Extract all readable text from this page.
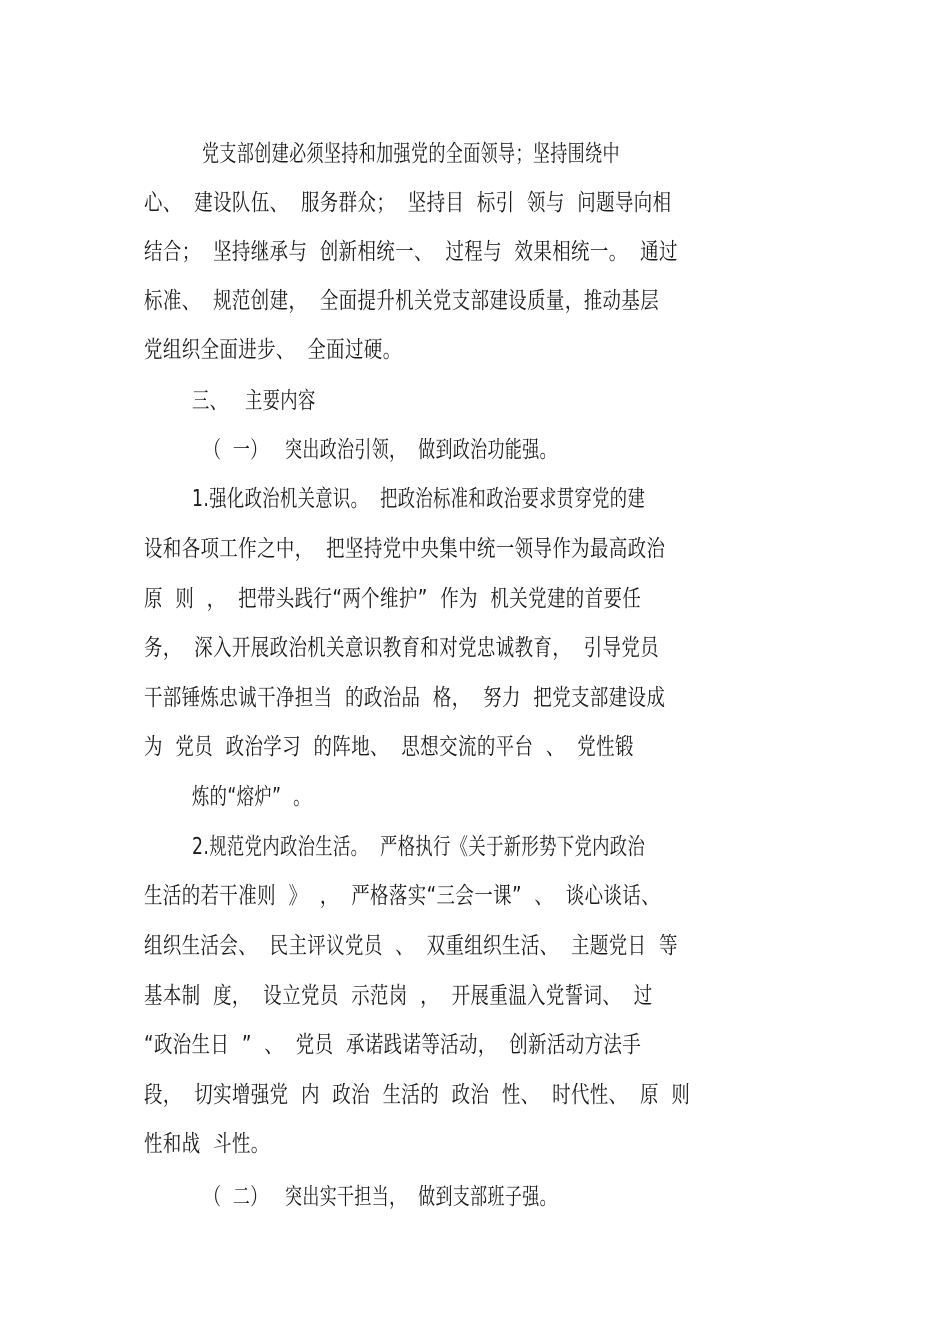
党支部创建必须坚持和加强党的全面领导；坚持围绕中
心、  建设队伍、  服务群众；  坚持目  标引  领与  问题导向相
结合；  坚持继承与  创新相统一、  过程与  效果相统一。  通过
标准、  规范创建，  全面提升机关党支部建设质量，推动基层
党组织全面进步、  全面过硬。
三、   主要内容
（  一）   突出政治引领，  做到政治功能强。
1.强化政治机关意识。  把政治标准和政治要求贯穿党的建
设和各项工作之中，  把坚持党中央集中统一领导作为最高政治
原  则  ，  把带头践行“两个维护”  作为  机关党建的首要任
务，  深入开展政治机关意识教育和对党忠诚教育，  引导党员
干部锤炼忠诚干净担当  的政治品  格，  努力  把党支部建设成
为  党员  政治学习  的阵地、  思想交流的平台  、  党性锻
炼的“熔炉”  。
2.规范党内政治生活。  严格执行《关于新形势下党内政治
生活的若干准则  》  ，  严格落实“三会一课”  、  谈心谈话、
组织生活会、  民主评议党员  、  双重组织生活、  主题党日  等
基本制  度，  设立党员  示范岗  ，  开展重温入党誓词、  过
“政治生日  ”  、  党员  承诺践诺等活动，  创新活动方法手
段，  切实增强党  内  政治  生活的  政治  性、  时代性、  原  则
性和战  斗性。
（  二）   突出实干担当，  做到支部班子强。
